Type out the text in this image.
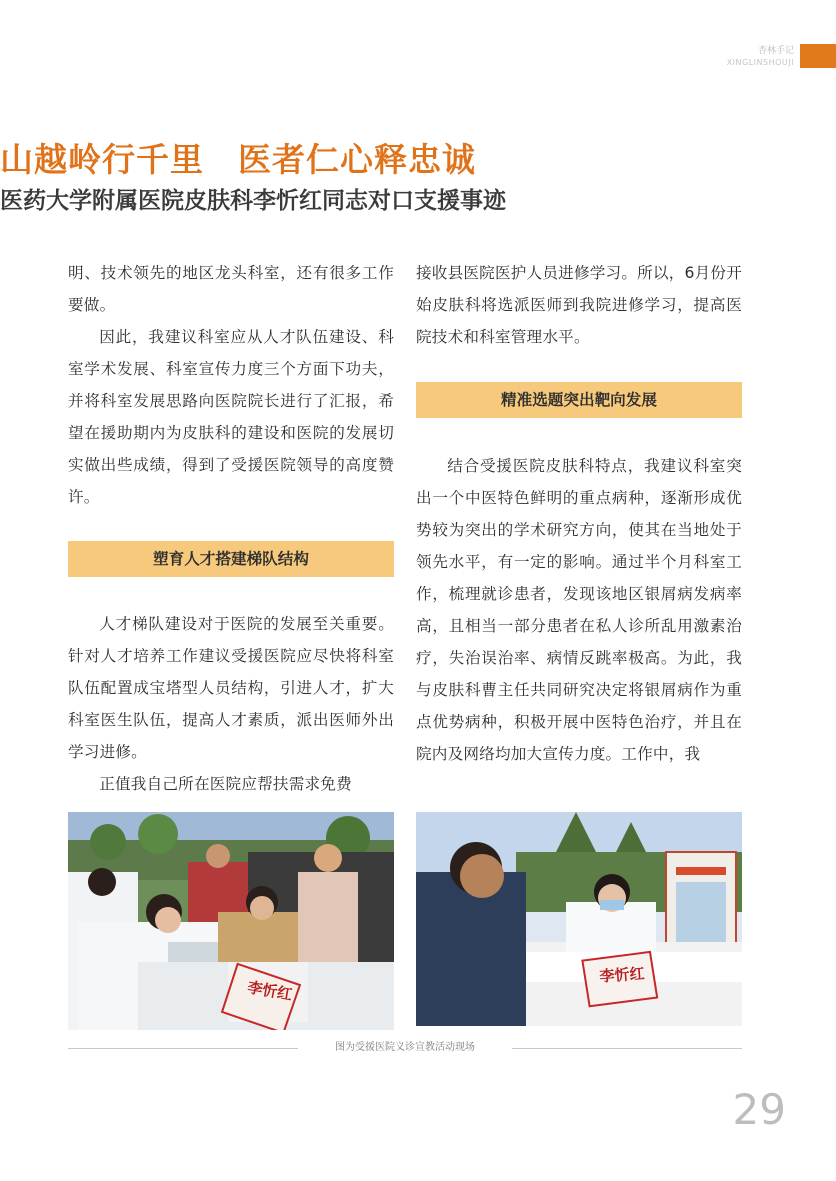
杏林手记
XINGLINSHOUJI
山越岭行千里　医者仁心释忠诚
医药大学附属医院皮肤科李忻红同志对口支援事迹

明、技术领先的地区龙头科室，还有很多工作要做。

因此，我建议科室应从人才队伍建设、科室学术发展、科室宣传力度三个方面下功夫，并将科室发展思路向医院院长进行了汇报，希望在援助期内为皮肤科的建设和医院的发展切实做出些成绩，得到了受援医院领导的高度赞许。

塑育人才搭建梯队结构

人才梯队建设对于医院的发展至关重要。针对人才培养工作建议受援医院应尽快将科室队伍配置成宝塔型人员结构，引进人才，扩大科室医生队伍，提高人才素质，派出医师外出学习进修。

正值我自己所在医院应帮扶需求免费

接收县医院医护人员进修学习。所以，6月份开始皮肤科将选派医师到我院进修学习，提高医院技术和科室管理水平。

精准选题突出靶向发展

结合受援医院皮肤科特点，我建议科室突出一个中医特色鲜明的重点病种，逐渐形成优势较为突出的学术研究方向，使其在当地处于领先水平，有一定的影响。通过半个月科室工作，梳理就诊患者，发现该地区银屑病发病率高，且相当一部分患者在私人诊所乱用激素治疗，失治误治率、病情反跳率极高。为此，我与皮肤科曹主任共同研究决定将银屑病作为重点优势病种，积极开展中医特色治疗，并且在院内及网络均加大宣传力度。工作中，我

李忻红
李忻红
图为受援医院义诊宣教活动现场
29
